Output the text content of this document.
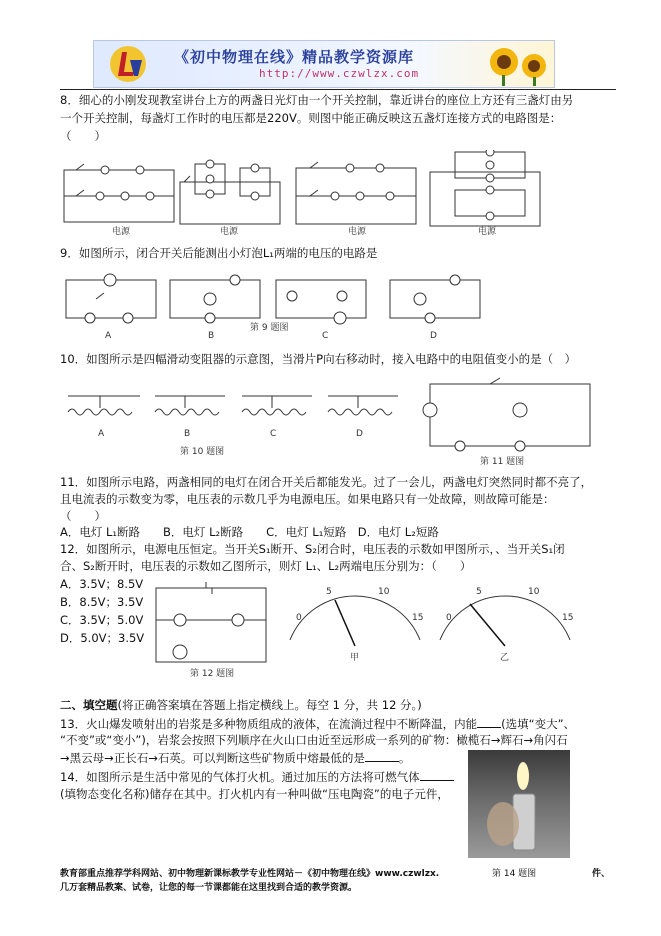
《初中物理在线》精品教学资源库
http://www.czwlzx.com
8．细心的小刚发现教室讲台上方的两盏日光灯由一个开关控制，靠近讲台的座位上方还有三盏灯由另
一个开关控制，每盏灯工作时的电压都是220V。则图中能正确反映这五盏灯连接方式的电路图是：
（　　）
电源	电源	电源	电源
9．如图所示，闭合开关后能测出小灯泡L₁两端的电压的电路是
A	B	C	D
第 9 题图
10．如图所示是四幅滑动变阻器的示意图，当滑片P向右移动时，接入电路中的电阻值变小的是（　）
A	B	C	D
第 10 题图
第 11 题图
11．如图所示电路，两盏相同的电灯在闭合开关后都能发光。过了一会儿，两盏电灯突然同时都不亮了，
且电流表的示数变为零，电压表的示数几乎为电源电压。如果电路只有一处故障，则故障可能是：
（　　）
A．电灯 L₁断路　　B．电灯 L₂断路　　C．电灯 L₁短路　D．电灯 L₂短路
12．如图所示，电源电压恒定。当开关S₁断开、S₂闭合时，电压表的示数如甲图所示，、当开关S₁闭
合、S₂断开时，电压表的示数如乙图所示，则灯 L₁、L₂两端电压分别为：（　　）
A．3.5V；8.5V
B．8.5V；3.5V
C．3.5V；5.0V
D．5.0V；3.5V
0
5	10
15	0
5	10
15
第 12 题图
甲	乙
二、填空题(将正确答案填在答题上指定横线上。每空 1 分，共 12 分。)
13．火山爆发喷射出的岩浆是多种物质组成的液体，在流淌过程中不断降温，内能 (选填“变大”、
“不变”或“变小”)，岩浆会按照下列顺序在火山口由近至远形成一系列的矿物：橄榄石→辉石→角闪石
→黑云母→正长石→石英。可以判断这些矿物质中熔最低的是	。
14．如图所示是生活中常见的气体打火机。通过加压的方法将可燃气体
(填物态变化名称)储存在其中。打火机内有一种叫做“压电陶瓷”的电子元件，
第 14 题图
教育部重点推荐学科网站、初中物理新课标教学专业性网站－《初中物理在线》www.czwlzx.	件、
几万套精品教案、试卷，让您的每一节课都能在这里找到合适的教学资源。
